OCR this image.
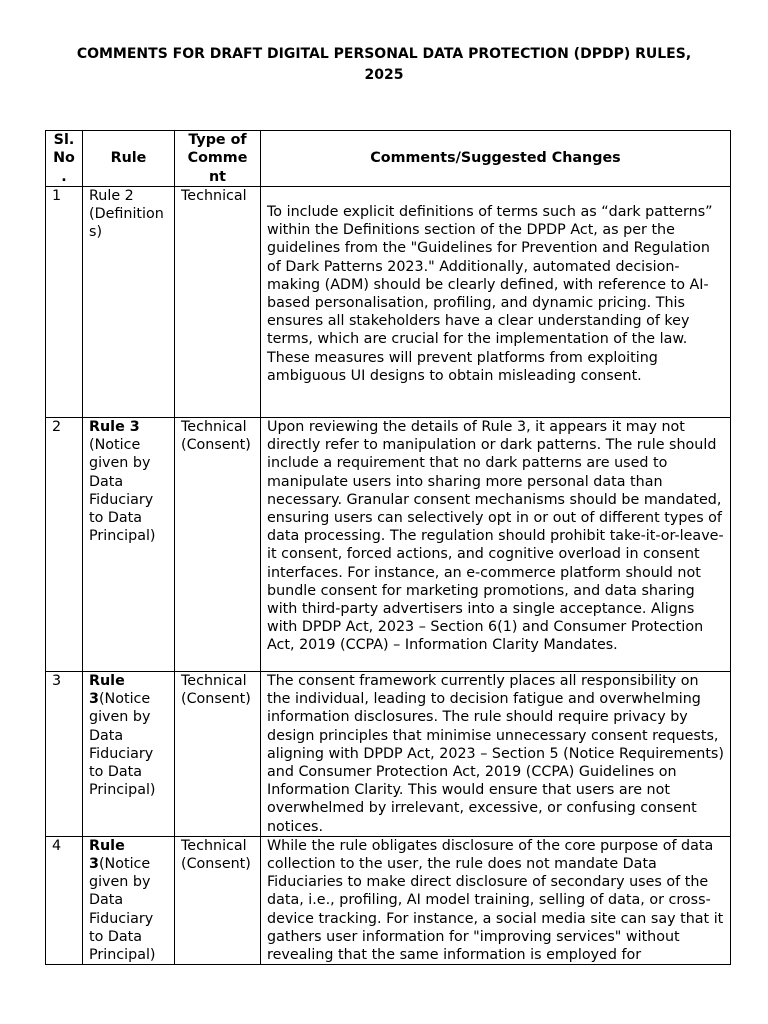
COMMENTS FOR DRAFT DIGITAL PERSONAL DATA PROTECTION (DPDP) RULES,
2025
Sl. No .	Rule	Type of Comme nt	Comments/Suggested Changes
1	Rule 2 (Definitions)	Technical	To include explicit definitions of terms such as “dark patterns” within the Definitions section of the DPDP Act, as per the guidelines from the "Guidelines for Prevention and Regulation of Dark Patterns 2023." Additionally, automated decision-making (ADM) should be clearly defined, with reference to AI-based personalisation, profiling, and dynamic pricing. This ensures all stakeholders have a clear understanding of key terms, which are crucial for the implementation of the law. These measures will prevent platforms from exploiting ambiguous UI designs to obtain misleading consent.
2	Rule 3 (Notice given by Data Fiduciary to Data Principal)	Technical (Consent)	Upon reviewing the details of Rule 3, it appears it may not directly refer to manipulation or dark patterns. The rule should include a requirement that no dark patterns are used to manipulate users into sharing more personal data than necessary. Granular consent mechanisms should be mandated, ensuring users can selectively opt in or out of different types of data processing. The regulation should prohibit take-it-or-leave-it consent, forced actions, and cognitive overload in consent interfaces. For instance, an e-commerce platform should not bundle consent for marketing promotions, and data sharing with third-party advertisers into a single acceptance. Aligns with DPDP Act, 2023 – Section 6(1) and Consumer Protection Act, 2019 (CCPA) – Information Clarity Mandates.
3	Rule 3(Notice given by Data Fiduciary to Data Principal)	Technical (Consent)	The consent framework currently places all responsibility on the individual, leading to decision fatigue and overwhelming information disclosures. The rule should require privacy by design principles that minimise unnecessary consent requests, aligning with DPDP Act, 2023 – Section 5 (Notice Requirements) and Consumer Protection Act, 2019 (CCPA) Guidelines on Information Clarity. This would ensure that users are not overwhelmed by irrelevant, excessive, or confusing consent notices.
4	Rule 3(Notice given by Data Fiduciary to Data Principal)	Technical (Consent)	While the rule obligates disclosure of the core purpose of data collection to the user, the rule does not mandate Data Fiduciaries to make direct disclosure of secondary uses of the data, i.e., profiling, AI model training, selling of data, or cross-device tracking. For instance, a social media site can say that it gathers user information for "improving services" without revealing that the same information is employed for
